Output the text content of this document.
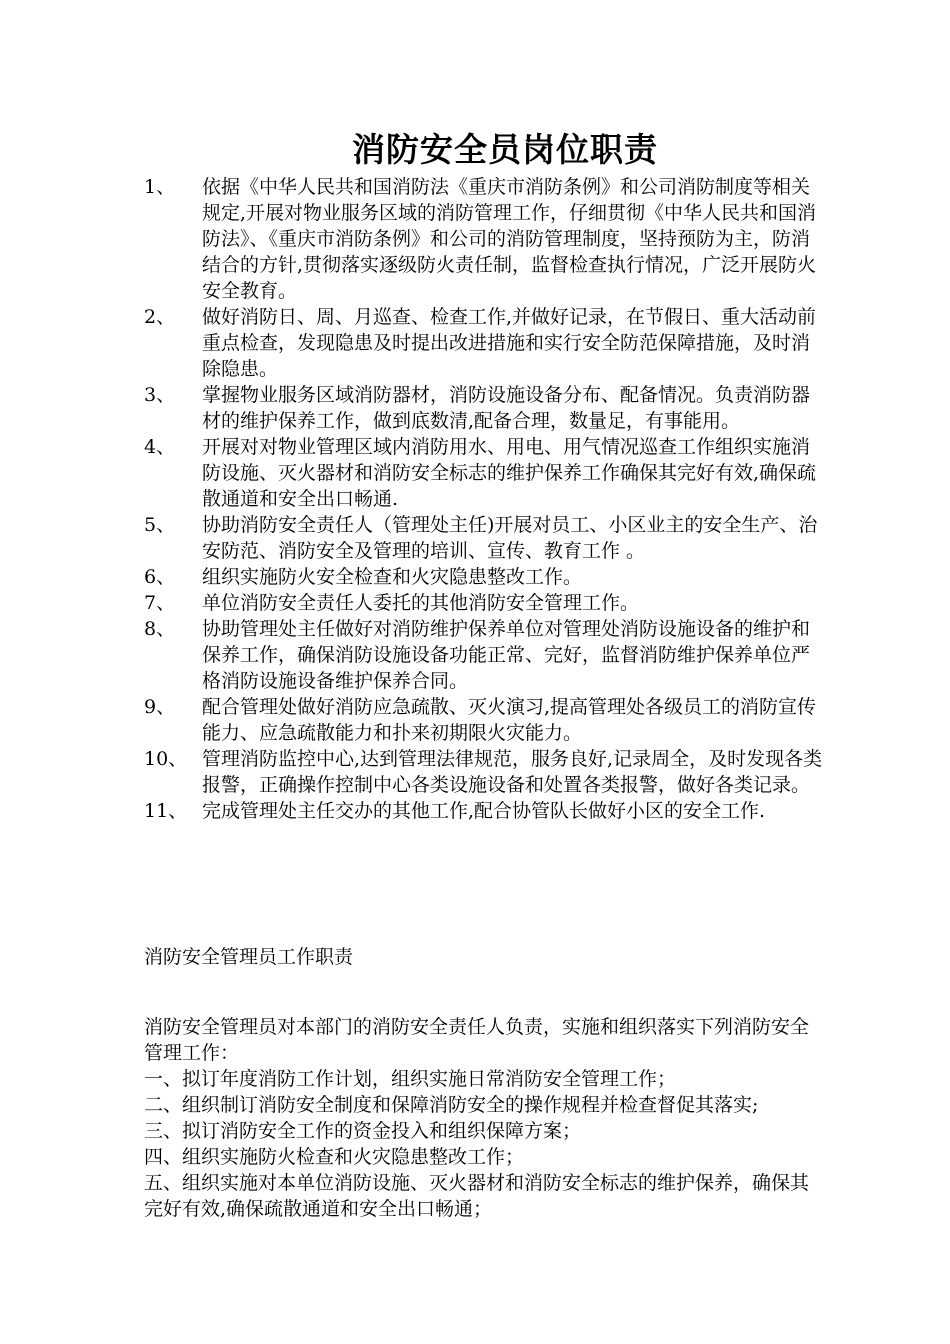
消防安全员岗位职责
1、	依据《中华人民共和国消防法《重庆市消防条例》和公司消防制度等相关规定,开展对物业服务区域的消防管理工作，仔细贯彻《中华人民共和国消防法》、《重庆市消防条例》和公司的消防管理制度，坚持预防为主，防消结合的方针,贯彻落实逐级防火责任制，监督检查执行情况，广泛开展防火安全教育。
2、	做好消防日、周、月巡查、检查工作,并做好记录，在节假日、重大活动前重点检查，发现隐患及时提出改进措施和实行安全防范保障措施，及时消除隐患。
3、	掌握物业服务区域消防器材，消防设施设备分布、配备情况。负责消防器材的维护保养工作，做到底数清,配备合理，数量足，有事能用。
4、	开展对对物业管理区域内消防用水、用电、用气情况巡查工作组织实施消防设施、灭火器材和消防安全标志的维护保养工作确保其完好有效,确保疏散通道和安全出口畅通.
5、	协助消防安全责任人（管理处主任)开展对员工、小区业主的安全生产、治安防范、消防安全及管理的培训、宣传、教育工作 。
6、	组织实施防火安全检查和火灾隐患整改工作。
7、	单位消防安全责任人委托的其他消防安全管理工作。
8、	协助管理处主任做好对消防维护保养单位对管理处消防设施设备的维护和保养工作，确保消防设施设备功能正常、完好，监督消防维护保养单位严格消防设施设备维护保养合同。
9、	配合管理处做好消防应急疏散、灭火演习,提高管理处各级员工的消防宣传能力、应急疏散能力和扑来初期限火灾能力。
10、 管理消防监控中心,达到管理法律规范，服务良好,记录周全，及时发现各类报警，正确操作控制中心各类设施设备和处置各类报警，做好各类记录。
11、 完成管理处主任交办的其他工作,配合协管队长做好小区的安全工作.

消防安全管理员工作职责

消防安全管理员对本部门的消防安全责任人负责，实施和组织落实下列消防安全管理工作：

一、拟订年度消防工作计划，组织实施日常消防安全管理工作；
二、组织制订消防安全制度和保障消防安全的操作规程并检查督促其落实;
三、拟订消防安全工作的资金投入和组织保障方案；
四、组织实施防火检查和火灾隐患整改工作；
五、组织实施对本单位消防设施、灭火器材和消防安全标志的维护保养，确保其完好有效,确保疏散通道和安全出口畅通；
